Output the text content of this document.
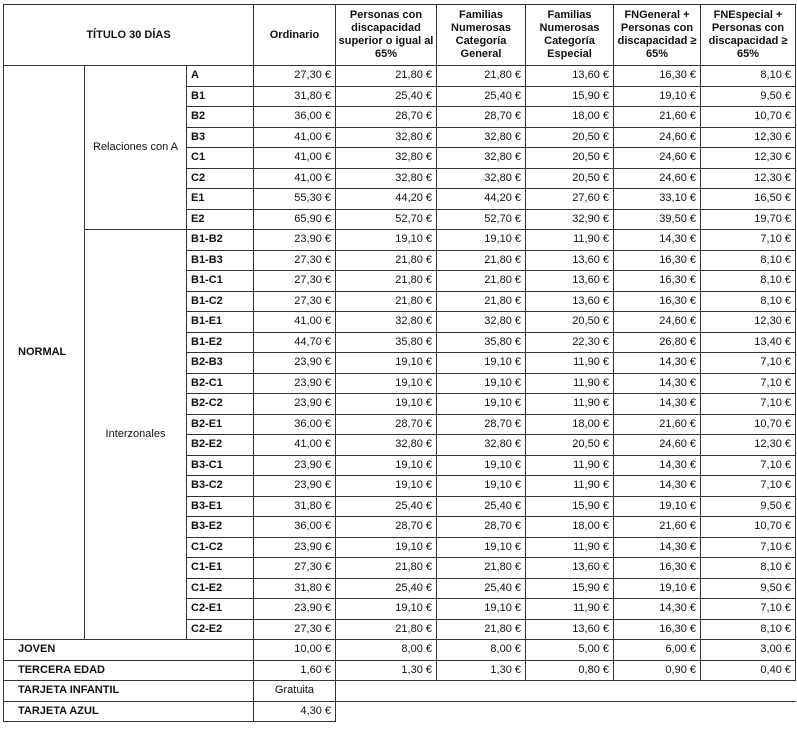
TÍTULO 30 DÍAS			Ordinario	Personas con discapacidad superior o igual al 65%	Familias Numerosas Categoría General	Familias Numerosas Categoría Especial	FNGeneral + Personas con discapacidad ≥ 65%	FNEspecial + Personas con discapacidad ≥ 65%
NORMAL	Relaciones con A	A	27,30 €	21,80 €	21,80 €	13,60 €	16,30 €	8,10 €
		B1	31,80 €	25,40 €	25,40 €	15,90 €	19,10 €	9,50 €
		B2	36,00 €	28,70 €	28,70 €	18,00 €	21,60 €	10,70 €
		B3	41,00 €	32,80 €	32,80 €	20,50 €	24,60 €	12,30 €
		C1	41,00 €	32,80 €	32,80 €	20,50 €	24,60 €	12,30 €
		C2	41,00 €	32,80 €	32,80 €	20,50 €	24,60 €	12,30 €
		E1	55,30 €	44,20 €	44,20 €	27,60 €	33,10 €	16,50 €
		E2	65,90 €	52,70 €	52,70 €	32,90 €	39,50 €	19,70 €
	Interzonales	B1-B2	23,90 €	19,10 €	19,10 €	11,90 €	14,30 €	7,10 €
		B1-B3	27,30 €	21,80 €	21,80 €	13,60 €	16,30 €	8,10 €
		B1-C1	27,30 €	21,80 €	21,80 €	13,60 €	16,30 €	8,10 €
		B1-C2	27,30 €	21,80 €	21,80 €	13,60 €	16,30 €	8,10 €
		B1-E1	41,00 €	32,80 €	32,80 €	20,50 €	24,60 €	12,30 €
		B1-E2	44,70 €	35,80 €	35,80 €	22,30 €	26,80 €	13,40 €
		B2-B3	23,90 €	19,10 €	19,10 €	11,90 €	14,30 €	7,10 €
		B2-C1	23,90 €	19,10 €	19,10 €	11,90 €	14,30 €	7,10 €
		B2-C2	23,90 €	19,10 €	19,10 €	11,90 €	14,30 €	7,10 €
		B2-E1	36,00 €	28,70 €	28,70 €	18,00 €	21,60 €	10,70 €
		B2-E2	41,00 €	32,80 €	32,80 €	20,50 €	24,60 €	12,30 €
		B3-C1	23,90 €	19,10 €	19,10 €	11,90 €	14,30 €	7,10 €
		B3-C2	23,90 €	19,10 €	19,10 €	11,90 €	14,30 €	7,10 €
		B3-E1	31,80 €	25,40 €	25,40 €	15,90 €	19,10 €	9,50 €
		B3-E2	36,00 €	28,70 €	28,70 €	18,00 €	21,60 €	10,70 €
		C1-C2	23,90 €	19,10 €	19,10 €	11,90 €	14,30 €	7,10 €
		C1-E1	27,30 €	21,80 €	21,80 €	13,60 €	16,30 €	8,10 €
		C1-E2	31,80 €	25,40 €	25,40 €	15,90 €	19,10 €	9,50 €
		C2-E1	23,90 €	19,10 €	19,10 €	11,90 €	14,30 €	7,10 €
		C2-E2	27,30 €	21,80 €	21,80 €	13,60 €	16,30 €	8,10 €
JOVEN			10,00 €	8,00 €	8,00 €	5,00 €	6,00 €	3,00 €
TERCERA EDAD			1,60 €	1,30 €	1,30 €	0,80 €	0,90 €	0,40 €
TARJETA INFANTIL			Gratuita					
TARJETA AZUL			4,30 €					
